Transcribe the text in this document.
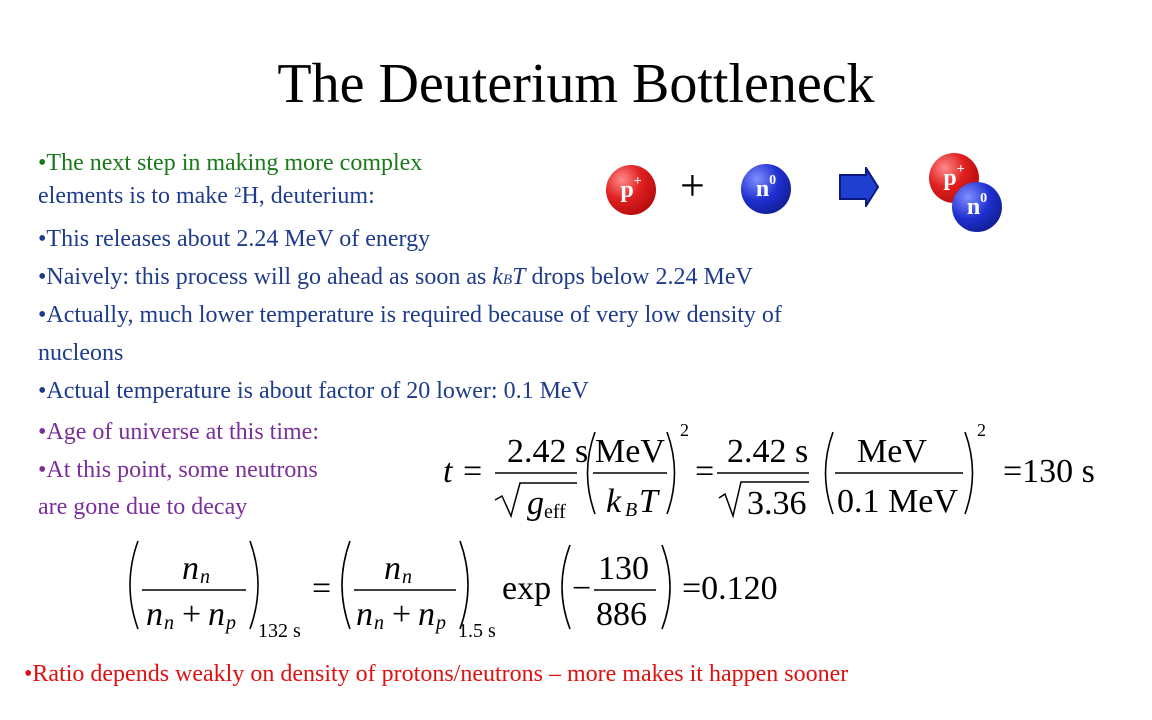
The Deuterium Bottleneck
•The next step in making more complex
elements is to make $^2$H, deuterium:
•This releases about 2.24 MeV of energy
•Naively: this process will go ahead as soon as kBT drops below 2.24 MeV
•Actually, much lower temperature is required because of very low density of
nucleons
•Actual temperature is about factor of 20 lower: 0.1 MeV
•Age of universe at this time:
•At this point, some neutrons
are gone due to decay
•Ratio depends weakly on density of protons/neutrons – more makes it happen sooner
$p^+ + n^0$	p+
$n^0$
t =
2.42 s
g eff
MeV
k B T
2
=
2.42 s
3.36
MeV
0.1 MeV
2
=130 s
n n
n n + n p 132 s
=
n n
n n + n p 1.5 s
exp −
130
886
=0.120
